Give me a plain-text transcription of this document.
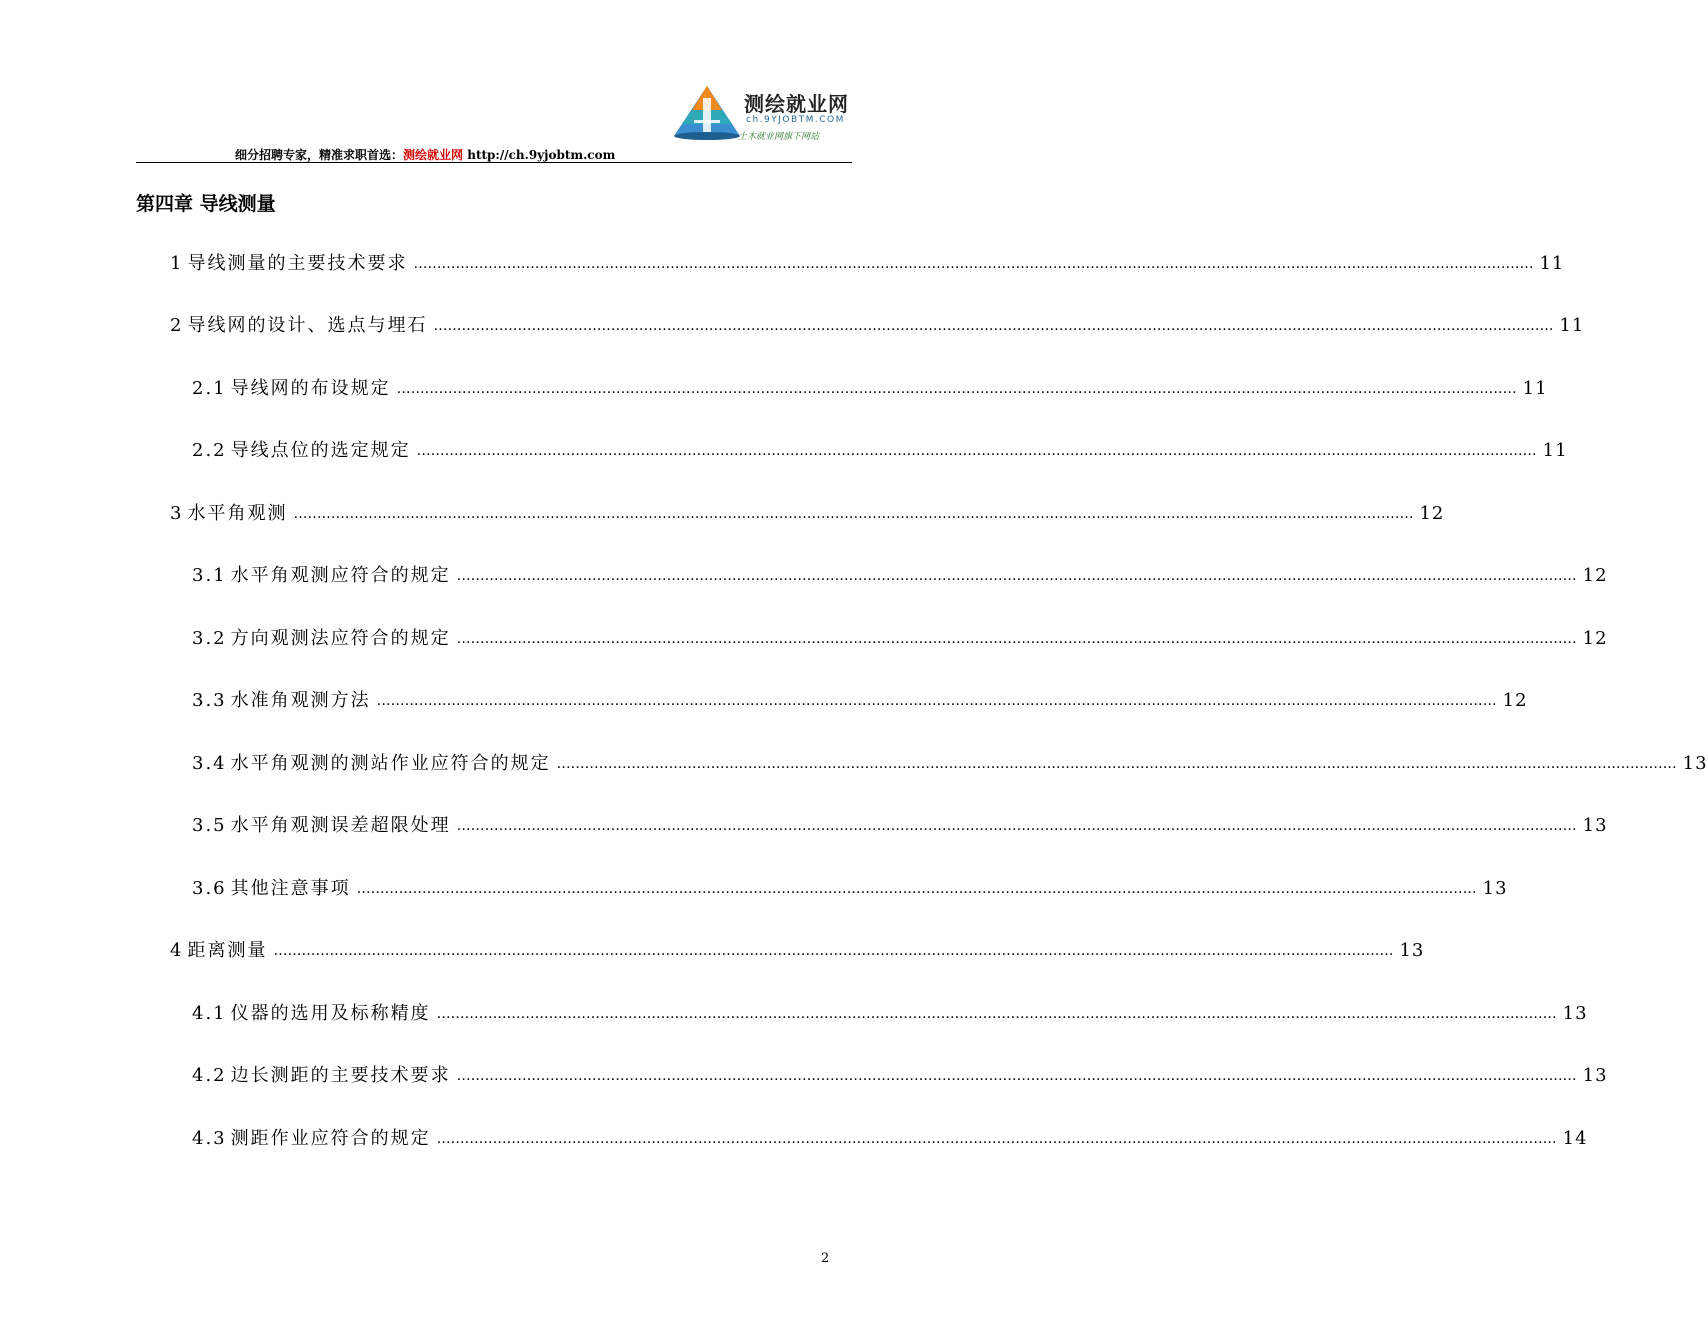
测绘就业网
ch.9YJOBTM.COM
土木就业网旗下网站
细分招聘专家，精准求职首选：测绘就业网 http://ch.9yjobtm.com
第四章 导线测量
1 导线测量的主要技术要求 …………………………………………………………………………………………………………………………………………………………………………………………………………………… 11
2 导线网的设计、选点与埋石 …………………………………………………………………………………………………………………………………………………………………………………………………………………… 11
2.1 导线网的布设规定 …………………………………………………………………………………………………………………………………………………………………………………………………………………… 11
2.2 导线点位的选定规定 …………………………………………………………………………………………………………………………………………………………………………………………………………………… 11
3 水平角观测 …………………………………………………………………………………………………………………………………………………………………………………………………………………… 12
3.1 水平角观测应符合的规定 …………………………………………………………………………………………………………………………………………………………………………………………………………………… 12
3.2 方向观测法应符合的规定 …………………………………………………………………………………………………………………………………………………………………………………………………………………… 12
3.3 水准角观测方法 …………………………………………………………………………………………………………………………………………………………………………………………………………………… 12
3.4 水平角观测的测站作业应符合的规定 …………………………………………………………………………………………………………………………………………………………………………………………………………………… 13
3.5 水平角观测误差超限处理 …………………………………………………………………………………………………………………………………………………………………………………………………………………… 13
3.6 其他注意事项 …………………………………………………………………………………………………………………………………………………………………………………………………………………… 13
4 距离测量 …………………………………………………………………………………………………………………………………………………………………………………………………………………… 13
4.1 仪器的选用及标称精度 …………………………………………………………………………………………………………………………………………………………………………………………………………………… 13
4.2 边长测距的主要技术要求 …………………………………………………………………………………………………………………………………………………………………………………………………………………… 13
4.3 测距作业应符合的规定 …………………………………………………………………………………………………………………………………………………………………………………………………………………… 14
2
